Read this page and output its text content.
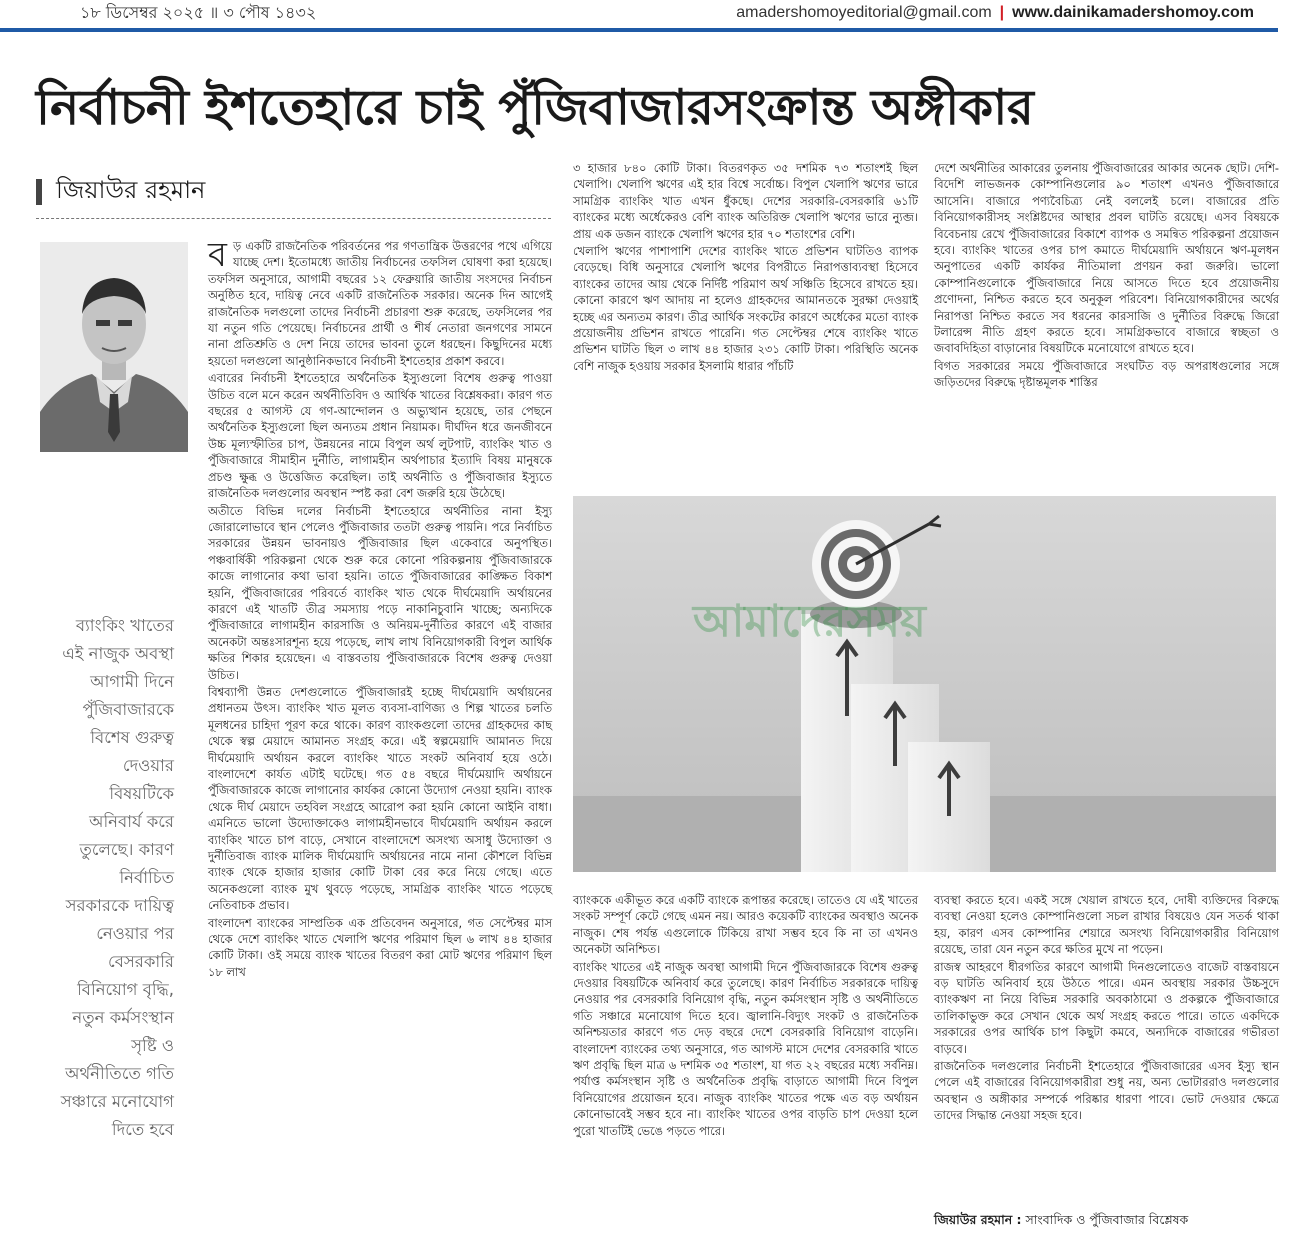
১৮ ডিসেম্বর ২০২৫ ॥ ৩ পৌষ ১৪৩২	amadershomoyeditorial@gmail.com | www.dainikamadershomoy.com
নির্বাচনী ইশতেহারে চাই পুঁজিবাজারসংক্রান্ত অঙ্গীকার
জিয়াউর রহমান
ব্যাংকিং খাতের
এই নাজুক অবস্থা
আগামী দিনে
পুঁজিবাজারকে
বিশেষ গুরুত্ব
দেওয়ার
বিষয়টিকে
অনিবার্য করে
তুলেছে। কারণ
নির্বাচিত
সরকারকে দায়িত্ব
নেওয়ার পর
বেসরকারি
বিনিয়োগ বৃদ্ধি,
নতুন কর্মসংস্থান
সৃষ্টি ও
অর্থনীতিতে গতি
সঞ্চারে মনোযোগ
দিতে হবে
ব ড় একটি রাজনৈতিক পরিবর্তনের পর গণতান্ত্রিক উত্তরণের পথে এগিয়ে যাচ্ছে দেশ। ইতোমধ্যে জাতীয় নির্বাচনের তফসিল ঘোষণা করা হয়েছে। তফসিল অনুসারে, আগামী বছরের ১২ ফেব্রুয়ারি জাতীয় সংসদের নির্বাচন অনুষ্ঠিত হবে, দায়িত্ব নেবে একটি রাজনৈতিক সরকার। অনেক দিন আগেই রাজনৈতিক দলগুলো তাদের নির্বাচনী প্রচারণা শুরু করেছে, তফসিলের পর যা নতুন গতি পেয়েছে। নির্বাচনের প্রার্থী ও শীর্ষ নেতারা জনগণের সামনে নানা প্রতিশ্রুতি ও দেশ নিয়ে তাদের ভাবনা তুলে ধরছেন। কিছুদিনের মধ্যে হয়তো দলগুলো আনুষ্ঠানিকভাবে নির্বাচনী ইশতেহার প্রকাশ করবে।

এবারের নির্বাচনী ইশতেহারে অর্থনৈতিক ইস্যুগুলো বিশেষ গুরুত্ব পাওয়া উচিত বলে মনে করেন অর্থনীতিবিদ ও আর্থিক খাতের বিশ্লেষকরা। কারণ গত বছরের ৫ আগস্ট যে গণ-আন্দোলন ও অভ্যুত্থান হয়েছে, তার পেছনে অর্থনৈতিক ইস্যুগুলো ছিল অন্যতম প্রধান নিয়ামক। দীর্ঘদিন ধরে জনজীবনে উচ্চ মূল্যস্ফীতির চাপ, উন্নয়নের নামে বিপুল অর্থ লুটপাট, ব্যাংকিং খাত ও পুঁজিবাজারে সীমাহীন দুর্নীতি, লাগামহীন অর্থপাচার ইত্যাদি বিষয় মানুষকে প্রচণ্ড ক্ষুব্ধ ও উত্তেজিত করেছিল। তাই অর্থনীতি ও পুঁজিবাজার ইস্যুতে রাজনৈতিক দলগুলোর অবস্থান স্পষ্ট করা বেশ জরুরি হয়ে উঠেছে।

অতীতে বিভিন্ন দলের নির্বাচনী ইশতেহারে অর্থনীতির নানা ইস্যু জোরালোভাবে স্থান পেলেও পুঁজিবাজার ততটা গুরুত্ব পায়নি। পরে নির্বাচিত সরকারের উন্নয়ন ভাবনায়ও পুঁজিবাজার ছিল একেবারে অনুপস্থিত। পঞ্চবার্ষিকী পরিকল্পনা থেকে শুরু করে কোনো পরিকল্পনায় পুঁজিবাজারকে কাজে লাগানোর কথা ভাবা হয়নি। তাতে পুঁজিবাজারের কাঙ্ক্ষিত বিকাশ হয়নি, পুঁজিবাজারের পরিবর্তে ব্যাংকিং খাত থেকে দীর্ঘমেয়াদি অর্থায়নের কারণে এই খাতটি তীব্র সমস্যায় পড়ে নাকানিচুবানি খাচ্ছে; অন্যদিকে পুঁজিবাজারে লাগামহীন কারসাজি ও অনিয়ম-দুর্নীতির কারণে এই বাজার অনেকটা অন্তঃসারশূন্য হয়ে পড়েছে, লাখ লাখ বিনিয়োগকারী বিপুল আর্থিক ক্ষতির শিকার হয়েছেন। এ বাস্তবতায় পুঁজিবাজারকে বিশেষ গুরুত্ব দেওয়া উচিত।

বিশ্বব্যাপী উন্নত দেশগুলোতে পুঁজিবাজারই হচ্ছে দীর্ঘমেয়াদি অর্থায়নের প্রধানতম উৎস। ব্যাংকিং খাত মূলত ব্যবসা-বাণিজ্য ও শিল্প খাতের চলতি মূলধনের চাহিদা পূরণ করে থাকে। কারণ ব্যাংকগুলো তাদের গ্রাহকদের কাছ থেকে স্বল্প মেয়াদে আমানত সংগ্রহ করে। এই স্বল্পমেয়াদি আমানত দিয়ে দীর্ঘমেয়াদি অর্থায়ন করলে ব্যাংকিং খাতে সংকট অনিবার্য হয়ে ওঠে। বাংলাদেশে কার্যত এটাই ঘটেছে। গত ৫৪ বছরে দীর্ঘমেয়াদি অর্থায়নে পুঁজিবাজারকে কাজে লাগানোর কার্যকর কোনো উদ্যোগ নেওয়া হয়নি। ব্যাংক থেকে দীর্ঘ মেয়াদে তহবিল সংগ্রহে আরোপ করা হয়নি কোনো আইনি বাধা। এমনিতে ভালো উদ্যোক্তাকেও লাগামহীনভাবে দীর্ঘমেয়াদি অর্থায়ন করলে ব্যাংকিং খাতে চাপ বাড়ে, সেখানে বাংলাদেশে অসংখ্য অসাধু উদ্যোক্তা ও দুর্নীতিবাজ ব্যাংক মালিক দীর্ঘমেয়াদি অর্থায়নের নামে নানা কৌশলে বিভিন্ন ব্যাংক থেকে হাজার হাজার কোটি টাকা বের করে নিয়ে গেছে। এতে অনেকগুলো ব্যাংক মুখ থুবড়ে পড়েছে, সামগ্রিক ব্যাংকিং খাতে পড়েছে নেতিবাচক প্রভাব।

বাংলাদেশ ব্যাংকের সাম্প্রতিক এক প্রতিবেদন অনুসারে, গত সেপ্টেম্বর মাস থেকে দেশে ব্যাংকিং খাতে খেলাপি ঋণের পরিমাণ ছিল ৬ লাখ ৪৪ হাজার কোটি টাকা। ওই সময়ে ব্যাংক খাতের বিতরণ করা মোট ঋণের পরিমাণ ছিল ১৮ লাখ

৩ হাজার ৮৪০ কোটি টাকা। বিতরণকৃত ৩৫ দশমিক ৭৩ শতাংশই ছিল খেলাপি। খেলাপি ঋণের এই হার বিশ্বে সর্বোচ্চ। বিপুল খেলাপি ঋণের ভারে সামগ্রিক ব্যাংকিং খাত এখন ধুঁকছে। দেশের সরকারি-বেসরকারি ৬১টি ব্যাংকের মধ্যে অর্ধেকেরও বেশি ব্যাংক অতিরিক্ত খেলাপি ঋণের ভারে ন্যুব্জ। প্রায় এক ডজন ব্যাংকে খেলাপি ঋণের হার ৭০ শতাংশের বেশি।

খেলাপি ঋণের পাশাপাশি দেশের ব্যাংকিং খাতে প্রভিশন ঘাটতিও ব্যাপক বেড়েছে। বিধি অনুসারে খেলাপি ঋণের বিপরীতে নিরাপত্তাব্যবস্থা হিসেবে ব্যাংকের তাদের আয় থেকে নির্দিষ্ট পরিমাণ অর্থ সঞ্চিতি হিসেবে রাখতে হয়। কোনো কারণে ঋণ আদায় না হলেও গ্রাহকদের আমানতকে সুরক্ষা দেওয়াই হচ্ছে এর অন্যতম কারণ। তীব্র আর্থিক সংকটের কারণে অর্ধেকের মতো ব্যাংক প্রয়োজনীয় প্রভিশন রাখতে পারেনি। গত সেপ্টেম্বর শেষে ব্যাংকিং খাতে প্রভিশন ঘাটতি ছিল ৩ লাখ ৪৪ হাজার ২৩১ কোটি টাকা। পরিস্থিতি অনেক বেশি নাজুক হওয়ায় সরকার ইসলামি ধারার পাঁচটি

দেশে অর্থনীতির আকারের তুলনায় পুঁজিবাজারের আকার অনেক ছোট। দেশি-বিদেশি লাভজনক কোম্পানিগুলোর ৯০ শতাংশ এখনও পুঁজিবাজারে আসেনি। বাজারে পণ্যবৈচিত্র্য নেই বললেই চলে। বাজারের প্রতি বিনিয়োগকারীসহ সংশ্লিষ্টদের আস্থার প্রবল ঘাটতি রয়েছে। এসব বিষয়কে বিবেচনায় রেখে পুঁজিবাজারের বিকাশে ব্যাপক ও সমন্বিত পরিকল্পনা প্রয়োজন হবে। ব্যাংকিং খাতের ওপর চাপ কমাতে দীর্ঘমেয়াদি অর্থায়নে ঋণ-মূলধন অনুপাতের একটি কার্যকর নীতিমালা প্রণয়ন করা জরুরি। ভালো কোম্পানিগুলোকে পুঁজিবাজারে নিয়ে আসতে দিতে হবে প্রয়োজনীয় প্রণোদনা, নিশ্চিত করতে হবে অনুকূল পরিবেশ। বিনিয়োগকারীদের অর্থের নিরাপত্তা নিশ্চিত করতে সব ধরনের কারসাজি ও দুর্নীতির বিরুদ্ধে জিরো টলারেন্স নীতি গ্রহণ করতে হবে। সামগ্রিকভাবে বাজারে স্বচ্ছতা ও জবাবদিহিতা বাড়ানোর বিষয়টিকে মনোযোগে রাখতে হবে।

বিগত সরকারের সময়ে পুঁজিবাজারে সংঘটিত বড় অপরাধগুলোর সঙ্গে জড়িতদের বিরুদ্ধে দৃষ্টান্তমূলক শাস্তির

আমাদেরসময়

ব্যাংককে একীভূত করে একটি ব্যাংকে রূপান্তর করেছে। তাতেও যে এই খাতের সংকট সম্পূর্ণ কেটে গেছে এমন নয়। আরও কয়েকটি ব্যাংকের অবস্থাও অনেক নাজুক। শেষ পর্যন্ত এগুলোকে টিকিয়ে রাখা সম্ভব হবে কি না তা এখনও অনেকটা অনিশ্চিত।

ব্যাংকিং খাতের এই নাজুক অবস্থা আগামী দিনে পুঁজিবাজারকে বিশেষ গুরুত্ব দেওয়ার বিষয়টিকে অনিবার্য করে তুলেছে। কারণ নির্বাচিত সরকারকে দায়িত্ব নেওয়ার পর বেসরকারি বিনিয়োগ বৃদ্ধি, নতুন কর্মসংস্থান সৃষ্টি ও অর্থনীতিতে গতি সঞ্চারে মনোযোগ দিতে হবে। জ্বালানি-বিদ্যুৎ সংকট ও রাজনৈতিক অনিশ্চয়তার কারণে গত দেড় বছরে দেশে বেসরকারি বিনিয়োগ বাড়েনি। বাংলাদেশ ব্যাংকের তথ্য অনুসারে, গত আগস্ট মাসে দেশের বেসরকারি খাতে ঋণ প্রবৃদ্ধি ছিল মাত্র ৬ দশমিক ৩৫ শতাংশ, যা গত ২২ বছরের মধ্যে সর্বনিম্ন। পর্যাপ্ত কর্মসংস্থান সৃষ্টি ও অর্থনৈতিক প্রবৃদ্ধি বাড়াতে আগামী দিনে বিপুল বিনিয়োগের প্রয়োজন হবে। নাজুক ব্যাংকিং খাতের পক্ষে এত বড় অর্থায়ন কোনোভাবেই সম্ভব হবে না। ব্যাংকিং খাতের ওপর বাড়তি চাপ দেওয়া হলে পুরো খাতটিই ভেঙে পড়তে পারে।

ব্যবস্থা করতে হবে। একই সঙ্গে খেয়াল রাখতে হবে, দোষী ব্যক্তিদের বিরুদ্ধে ব্যবস্থা নেওয়া হলেও কোম্পানিগুলো সচল রাখার বিষয়েও যেন সতর্ক থাকা হয়, কারণ এসব কোম্পানির শেয়ারে অসংখ্য বিনিয়োগকারীর বিনিয়োগ রয়েছে, তারা যেন নতুন করে ক্ষতির মুখে না পড়েন।

রাজস্ব আহরণে ধীরগতির কারণে আগামী দিনগুলোতেও বাজেট বাস্তবায়নে বড় ঘাটতি অনিবার্য হয়ে উঠতে পারে। এমন অবস্থায় সরকার উচ্চসুদে ব্যাংকঋণ না নিয়ে বিভিন্ন সরকারি অবকাঠামো ও প্রকল্পকে পুঁজিবাজারে তালিকাভুক্ত করে সেখান থেকে অর্থ সংগ্রহ করতে পারে। তাতে একদিকে সরকারের ওপর আর্থিক চাপ কিছুটা কমবে, অন্যদিকে বাজারের গভীরতা বাড়বে।

রাজনৈতিক দলগুলোর নির্বাচনী ইশতেহারে পুঁজিবাজারের এসব ইস্যু স্থান পেলে এই বাজারের বিনিয়োগকারীরা শুধু নয়, অন্য ভোটাররাও দলগুলোর অবস্থান ও অঙ্গীকার সম্পর্কে পরিষ্কার ধারণা পাবে। ভোট দেওয়ার ক্ষেত্রে তাদের সিদ্ধান্ত নেওয়া সহজ হবে।

জিয়াউর রহমান : সাংবাদিক ও পুঁজিবাজার বিশ্লেষক
